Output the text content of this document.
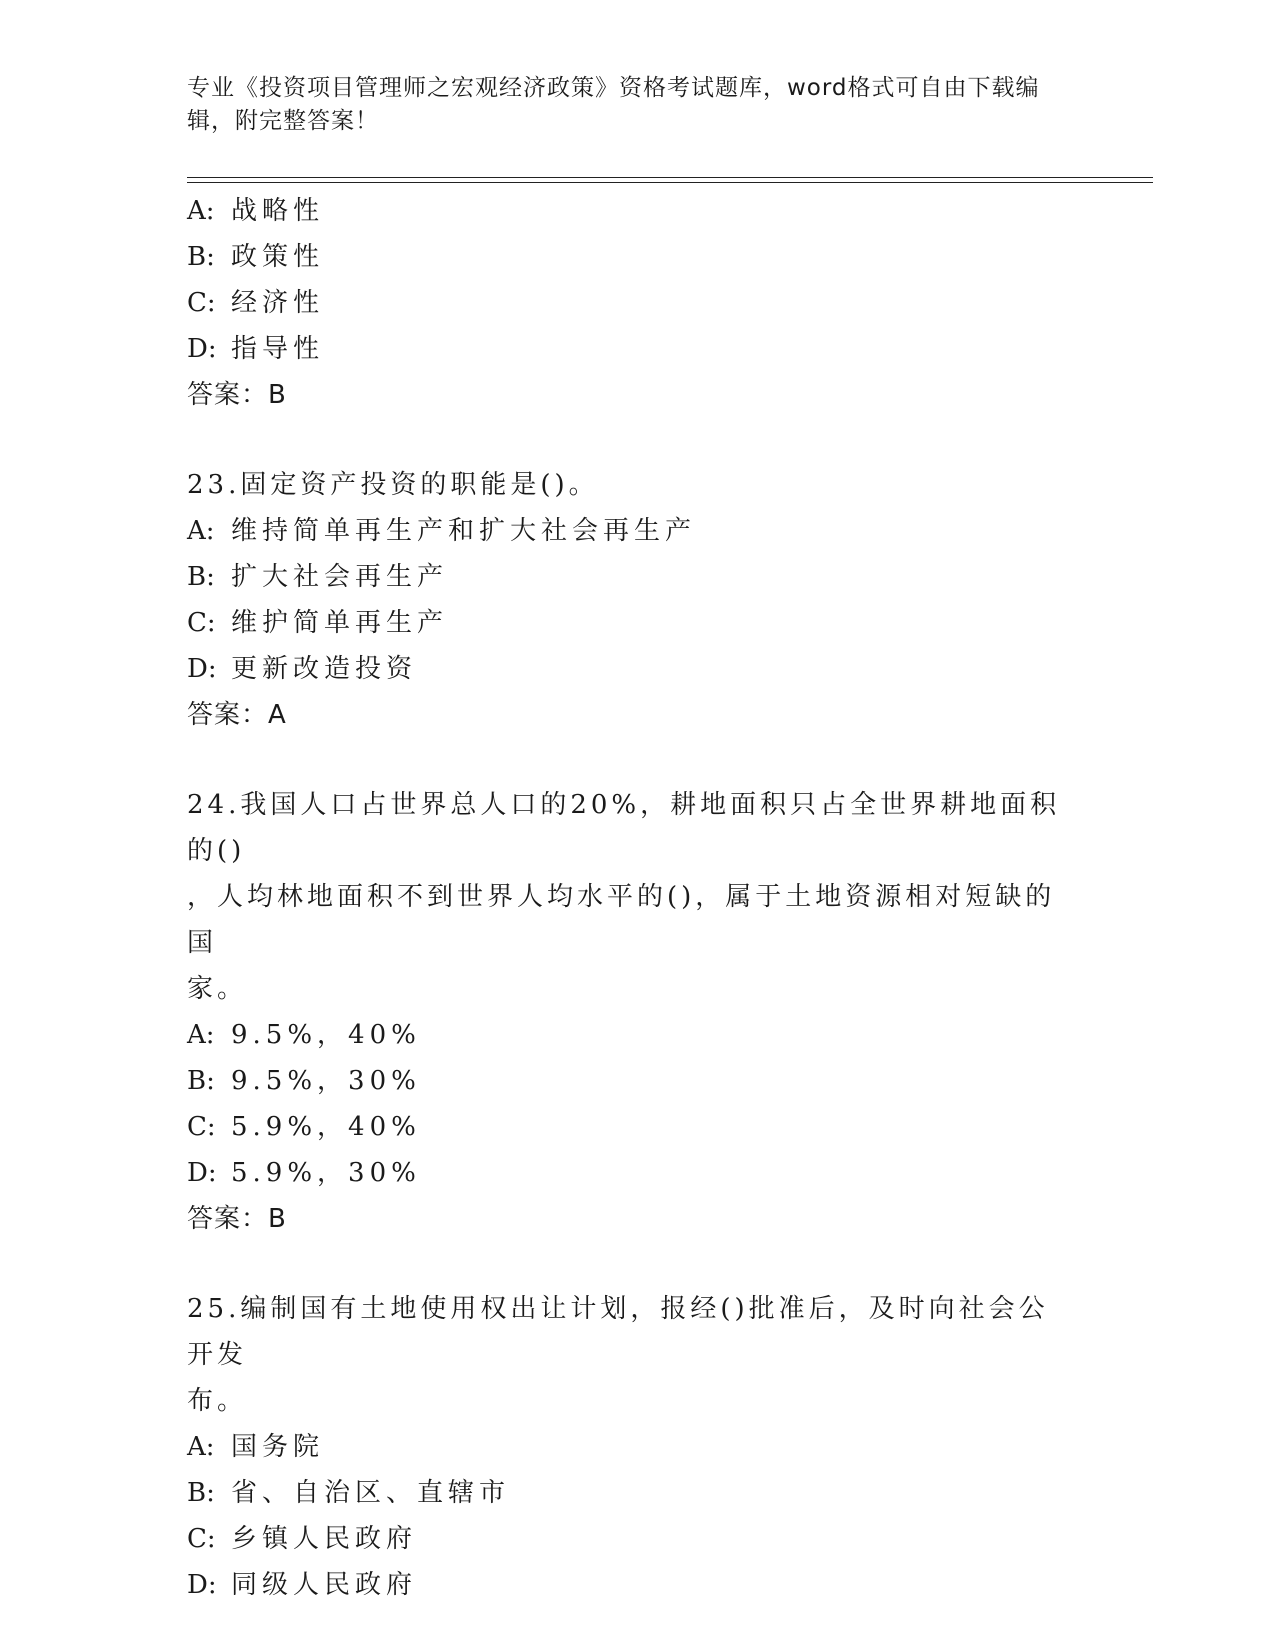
专业《投资项目管理师之宏观经济政策》资格考试题库，word格式可自由下载编
辑，附完整答案！
A: 战略性
B: 政策性
C: 经济性
D: 指导性
答案：B
23.固定资产投资的职能是()。
A: 维持简单再生产和扩大社会再生产
B: 扩大社会再生产
C: 维护简单再生产
D: 更新改造投资
答案：A
24.我国人口占世界总人口的20%，耕地面积只占全世界耕地面积的()
，人均林地面积不到世界人均水平的()，属于土地资源相对短缺的国
家。
A: 9.5%，40%
B: 9.5%，30%
C: 5.9%，40%
D: 5.9%，30%
答案：B
25.编制国有土地使用权出让计划，报经()批准后，及时向社会公开发
布。
A: 国务院
B: 省、自治区、直辖市
C: 乡镇人民政府
D: 同级人民政府
